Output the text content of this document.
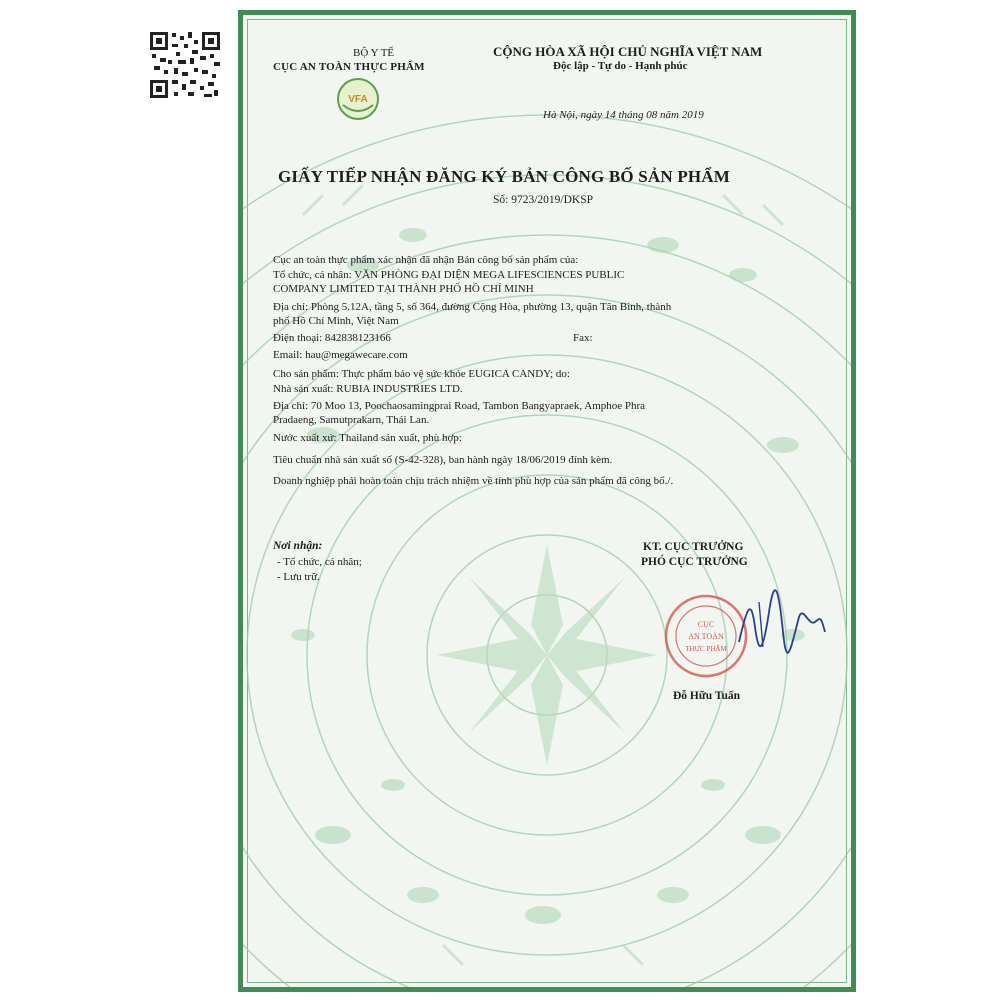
BỘ Y TẾ
CỤC AN TOÀN THỰC PHẨM
VFA
CỘNG HÒA XÃ HỘI CHỦ NGHĨA VIỆT NAM
Độc lập - Tự do - Hạnh phúc
Hà Nội, ngày 14 tháng 08 năm 2019
GIẤY TIẾP NHẬN ĐĂNG KÝ BẢN CÔNG BỐ SẢN PHẨM
Số: 9723/2019/DKSP
Cục an toàn thực phẩm xác nhận đã nhận Bản công bố sản phẩm của:
Tổ chức, cá nhân: VĂN PHÒNG ĐẠI DIỆN MEGA LIFESCIENCES PUBLIC
COMPANY LIMITED TẠI THÀNH PHỐ HỒ CHÍ MINH
Địa chỉ: Phòng 5.12A, tầng 5, số 364, đường Cộng Hòa, phường 13, quận Tân Bình, thành
phố Hồ Chí Minh, Việt Nam
Điện thoại: 842838123166	Fax:
Email: hau@megawecare.com
Cho sản phẩm: Thực phẩm bảo vệ sức khỏe EUGICA CANDY; do:
Nhà sản xuất: RUBIA INDUSTRIES LTD.
Địa chỉ: 70 Moo 13, Poochaosamingprai Road, Tambon Bangyapraek, Amphoe Phra
Pradaeng, Samutprakarn, Thái Lan.
Nước xuất xứ: Thailand sản xuất, phù hợp:
Tiêu chuẩn nhà sản xuất số (S-42-328), ban hành ngày 18/06/2019 đính kèm.
Doanh nghiệp phải hoàn toàn chịu trách nhiệm về tính phù hợp của sản phẩm đã công bố./.
Nơi nhận:
- Tổ chức, cá nhân;
- Lưu trữ.
KT. CỤC TRƯỞNG
PHÓ CỤC TRƯỞNG
CỤC
AN TOÀN
THỰC PHẨM
Đỗ Hữu Tuấn
